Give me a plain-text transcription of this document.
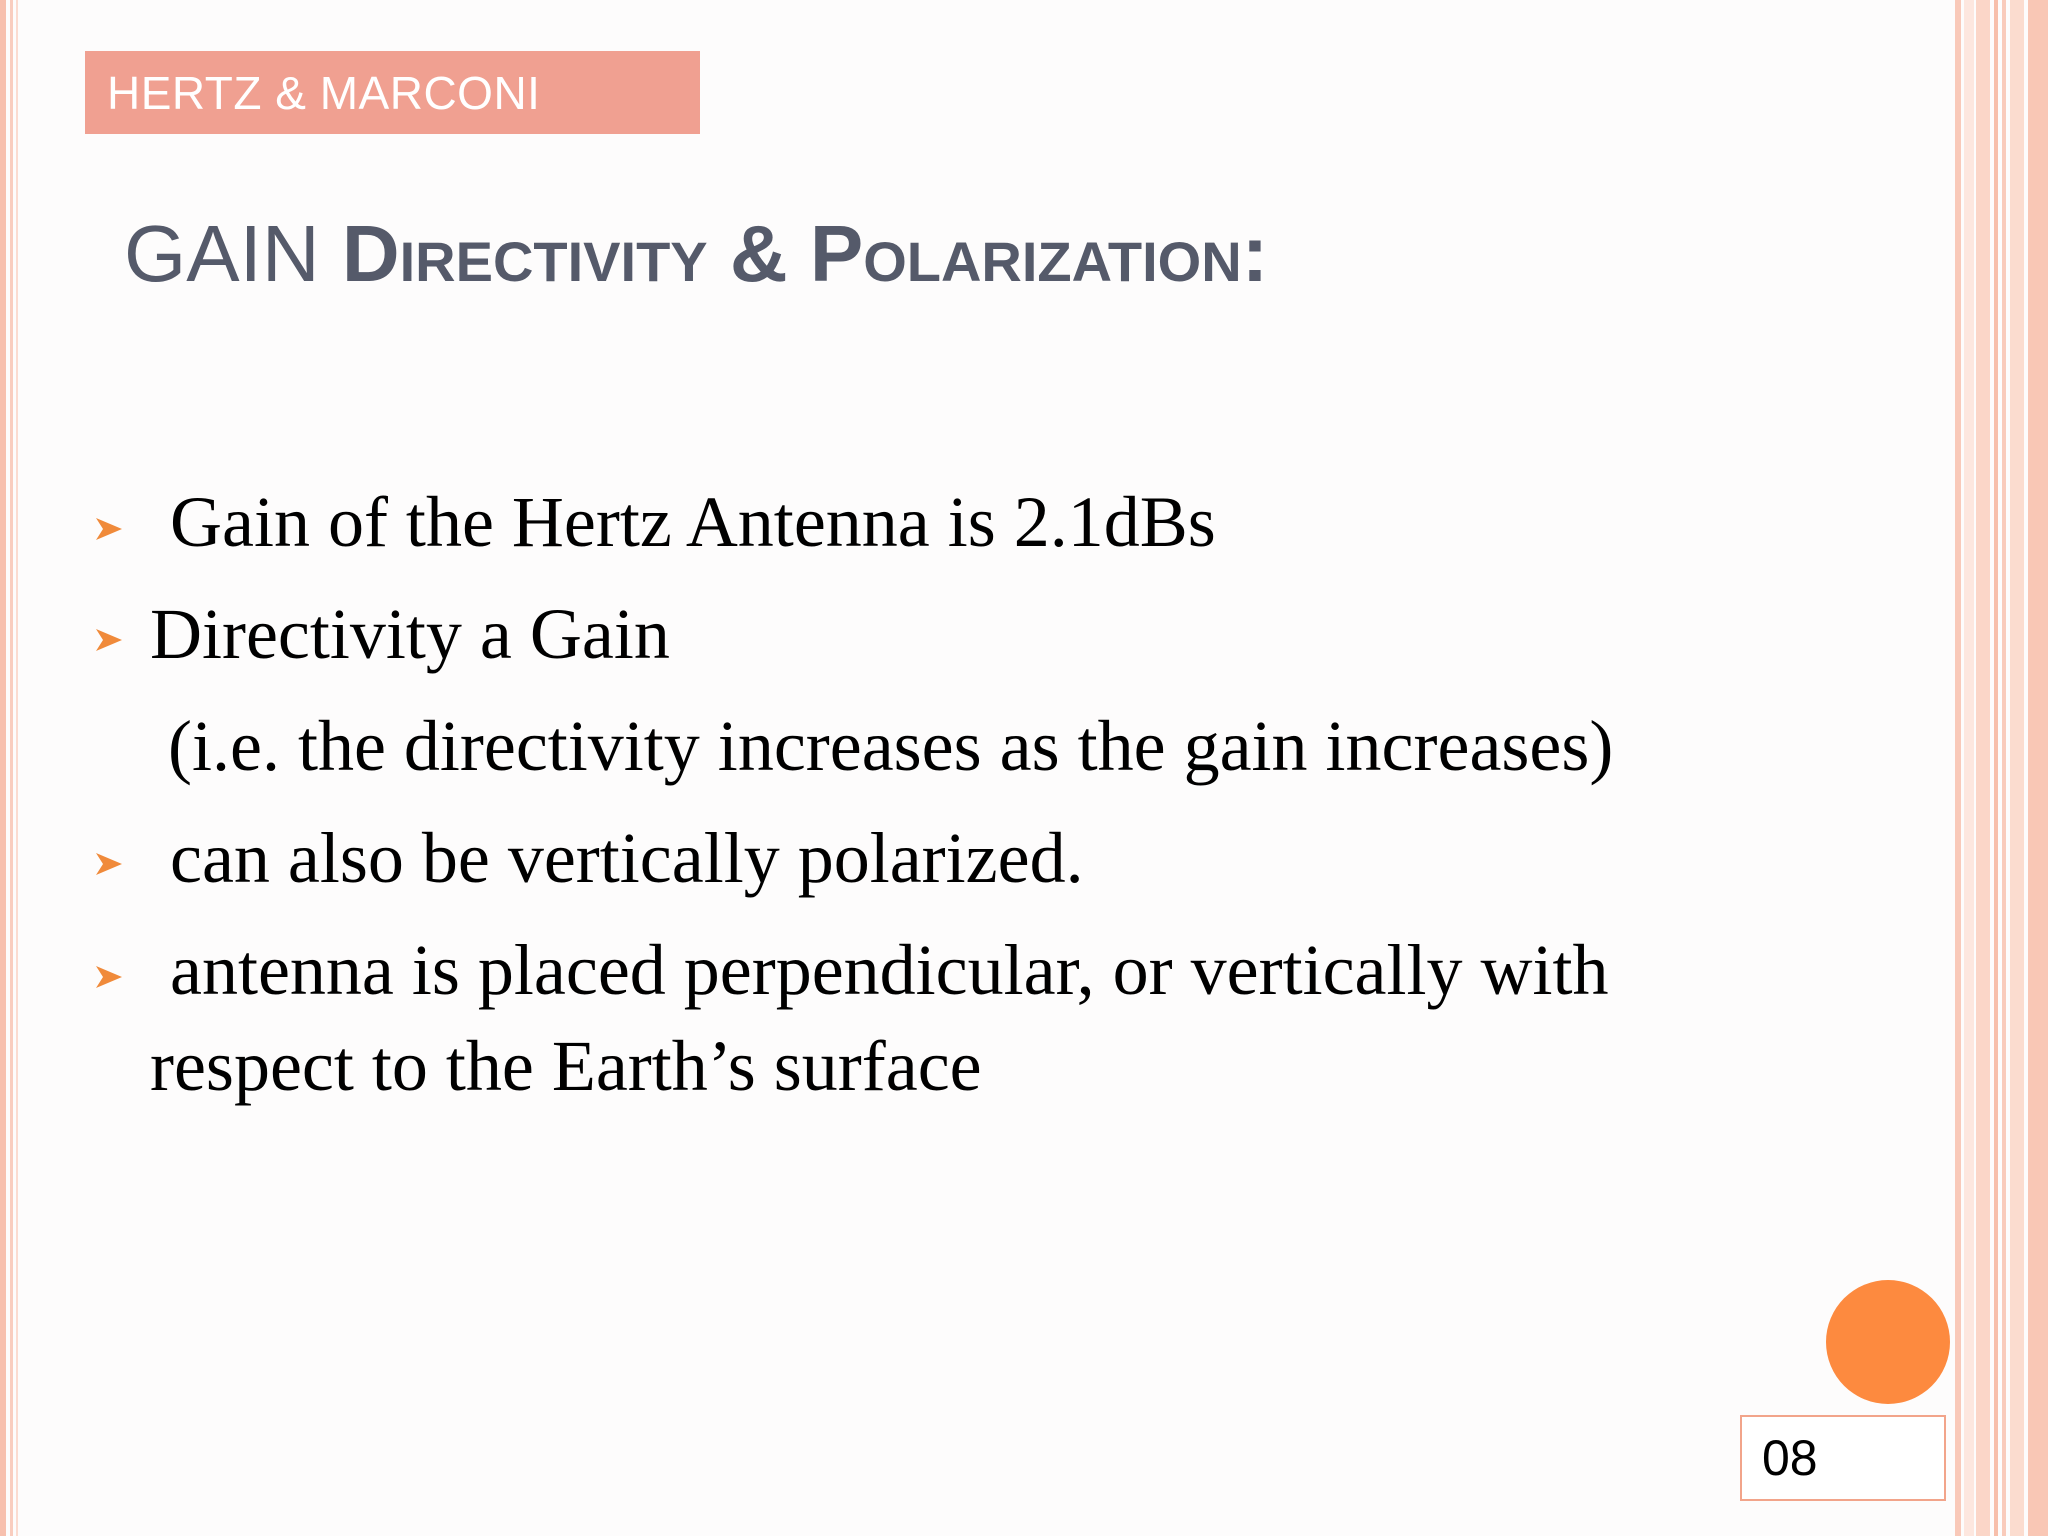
HERTZ & MARCONI
GAIN Directivity & Polarization:
Gain of the Hertz Antenna is 2.1dBs
Directivity a Gain
(i.e. the directivity increases as the gain increases)
can also be vertically polarized.
antenna is placed perpendicular, or vertically with
respect to the Earth’s surface
08
